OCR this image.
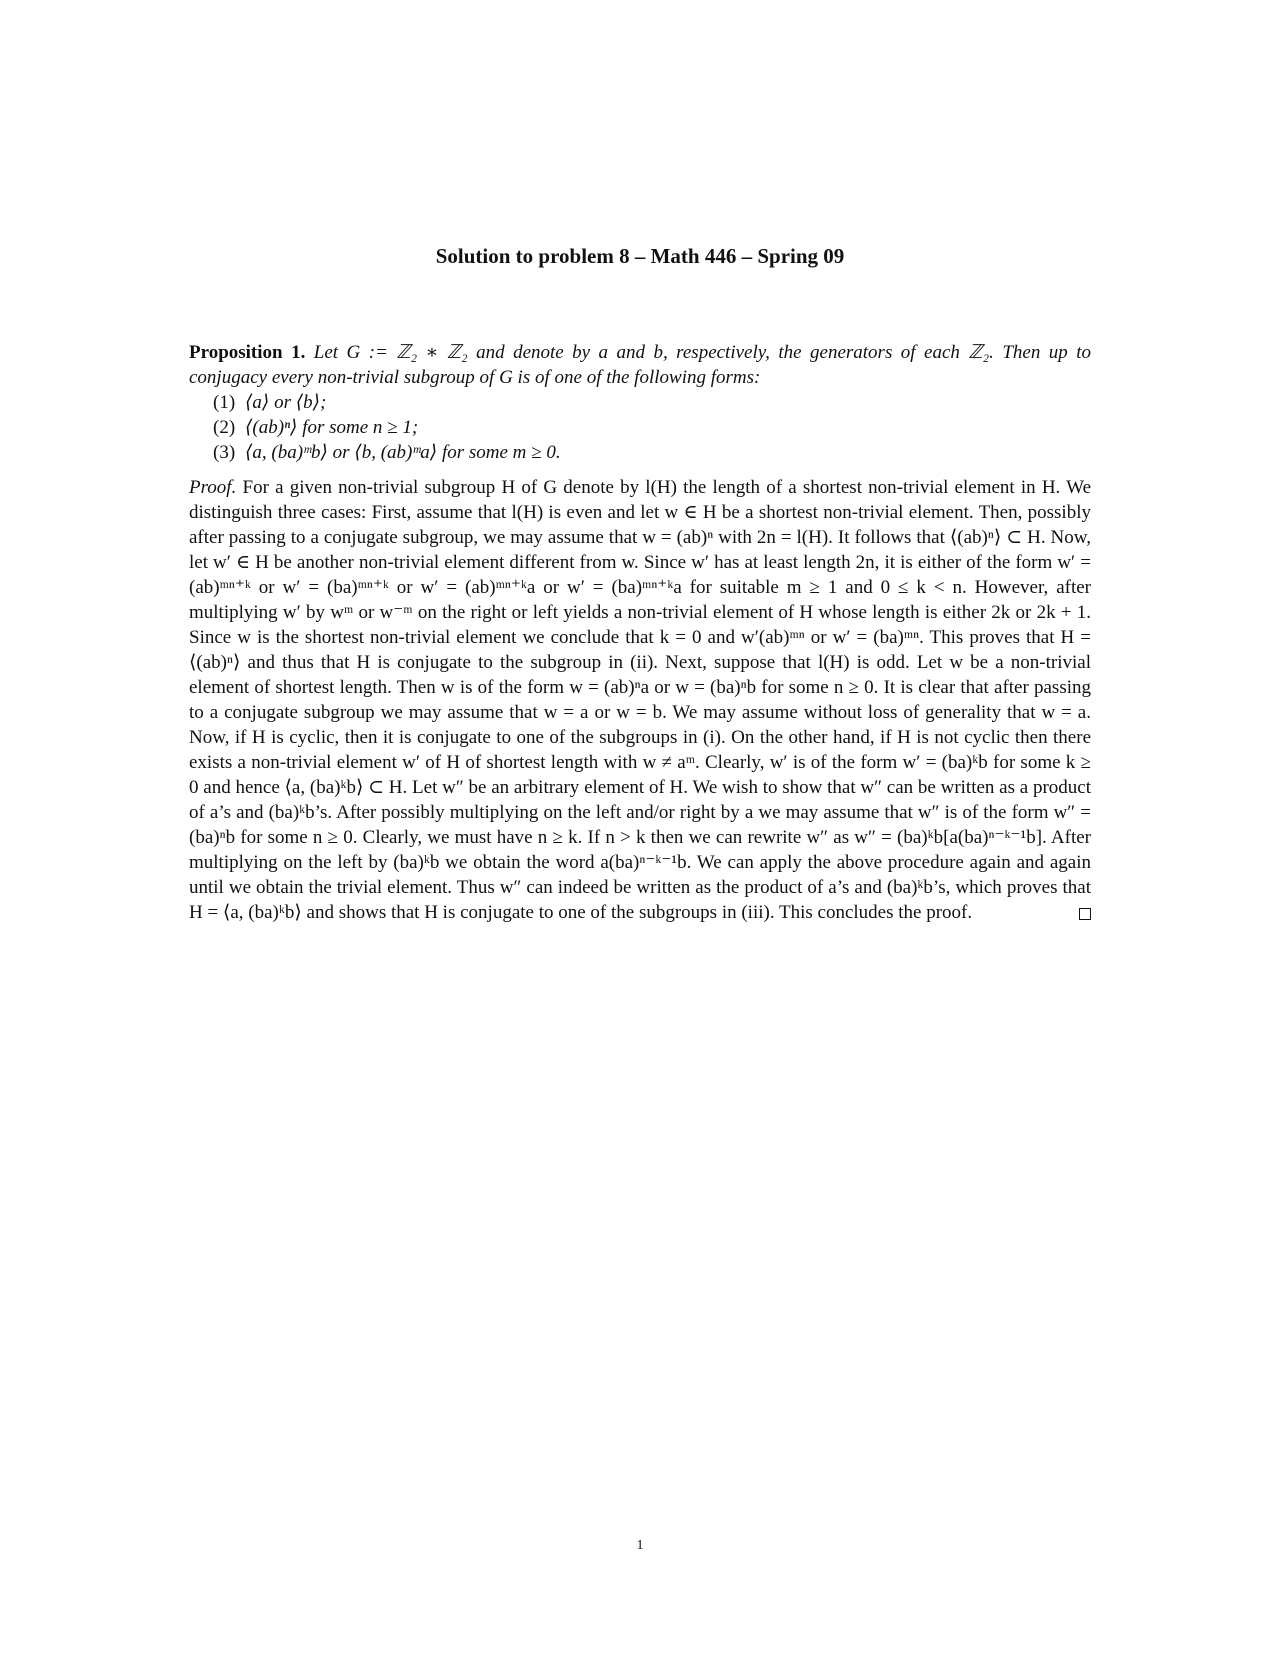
Solution to problem 8 – Math 446 – Spring 09

Proposition 1. Let G := ℤ₂ ∗ ℤ₂ and denote by a and b, respectively, the generators of each ℤ₂. Then up to conjugacy every non-trivial subgroup of G is of one of the following forms:

(1) ⟨a⟩ or ⟨b⟩;
(2) ⟨(ab)ⁿ⟩ for some n ≥ 1;
(3) ⟨a, (ba)ᵐb⟩ or ⟨b, (ab)ᵐa⟩ for some m ≥ 0.

Proof. For a given non-trivial subgroup H of G denote by l(H) the length of a shortest non-trivial element in H. We distinguish three cases: First, assume that l(H) is even and let w ∈ H be a shortest non-trivial element. Then, possibly after passing to a conjugate subgroup, we may assume that w = (ab)ⁿ with 2n = l(H). It follows that ⟨(ab)ⁿ⟩ ⊂ H. Now, let w′ ∈ H be another non-trivial element different from w. Since w′ has at least length 2n, it is either of the form w′ = (ab)ᵐⁿ⁺ᵏ or w′ = (ba)ᵐⁿ⁺ᵏ or w′ = (ab)ᵐⁿ⁺ᵏa or w′ = (ba)ᵐⁿ⁺ᵏa for suitable m ≥ 1 and 0 ≤ k < n. However, after multiplying w′ by wᵐ or w⁻ᵐ on the right or left yields a non-trivial element of H whose length is either 2k or 2k + 1. Since w is the shortest non-trivial element we conclude that k = 0 and w′(ab)ᵐⁿ or w′ = (ba)ᵐⁿ. This proves that H = ⟨(ab)ⁿ⟩ and thus that H is conjugate to the subgroup in (ii). Next, suppose that l(H) is odd. Let w be a non-trivial element of shortest length. Then w is of the form w = (ab)ⁿa or w = (ba)ⁿb for some n ≥ 0. It is clear that after passing to a conjugate subgroup we may assume that w = a or w = b. We may assume without loss of generality that w = a. Now, if H is cyclic, then it is conjugate to one of the subgroups in (i). On the other hand, if H is not cyclic then there exists a non-trivial element w′ of H of shortest length with w ≠ aᵐ. Clearly, w′ is of the form w′ = (ba)ᵏb for some k ≥ 0 and hence ⟨a, (ba)ᵏb⟩ ⊂ H. Let w″ be an arbitrary element of H. We wish to show that w″ can be written as a product of a’s and (ba)ᵏb’s. After possibly multiplying on the left and/or right by a we may assume that w″ is of the form w″ = (ba)ⁿb for some n ≥ 0. Clearly, we must have n ≥ k. If n > k then we can rewrite w″ as w″ = (ba)ᵏb[a(ba)ⁿ⁻ᵏ⁻¹b]. After multiplying on the left by (ba)ᵏb we obtain the word a(ba)ⁿ⁻ᵏ⁻¹b. We can apply the above procedure again and again until we obtain the trivial element. Thus w″ can indeed be written as the product of a’s and (ba)ᵏb’s, which proves that H = ⟨a, (ba)ᵏb⟩ and shows that H is conjugate to one of the subgroups in (iii). This concludes the proof.

1
